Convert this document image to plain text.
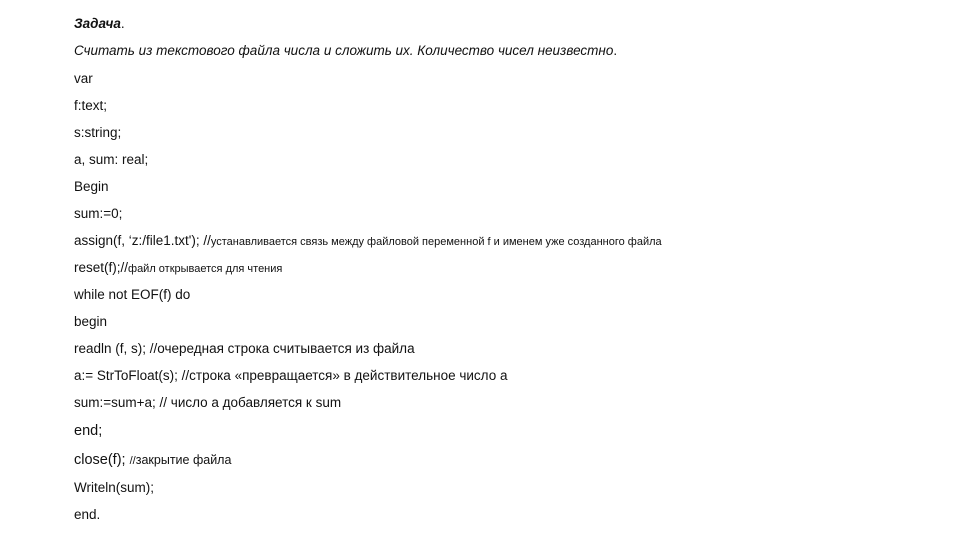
Задача.
Считать из текстового файла числа и сложить их. Количество чисел неизвестно.
var
f:text;
s:string;
a, sum: real;
Begin
sum:=0;
assign(f, ‘z:/file1.txt'); //устанавливается связь между файловой переменной f и именем уже созданного файла
reset(f);//файл открывается для чтения
while not EOF(f) do
begin
readln (f, s); //очередная строка считывается из файла
a:= StrToFloat(s); //строка «превращается» в действительное число а
sum:=sum+a; // число а добавляется к sum
end;
close(f); //закрытие файла
Writeln(sum);
end.
